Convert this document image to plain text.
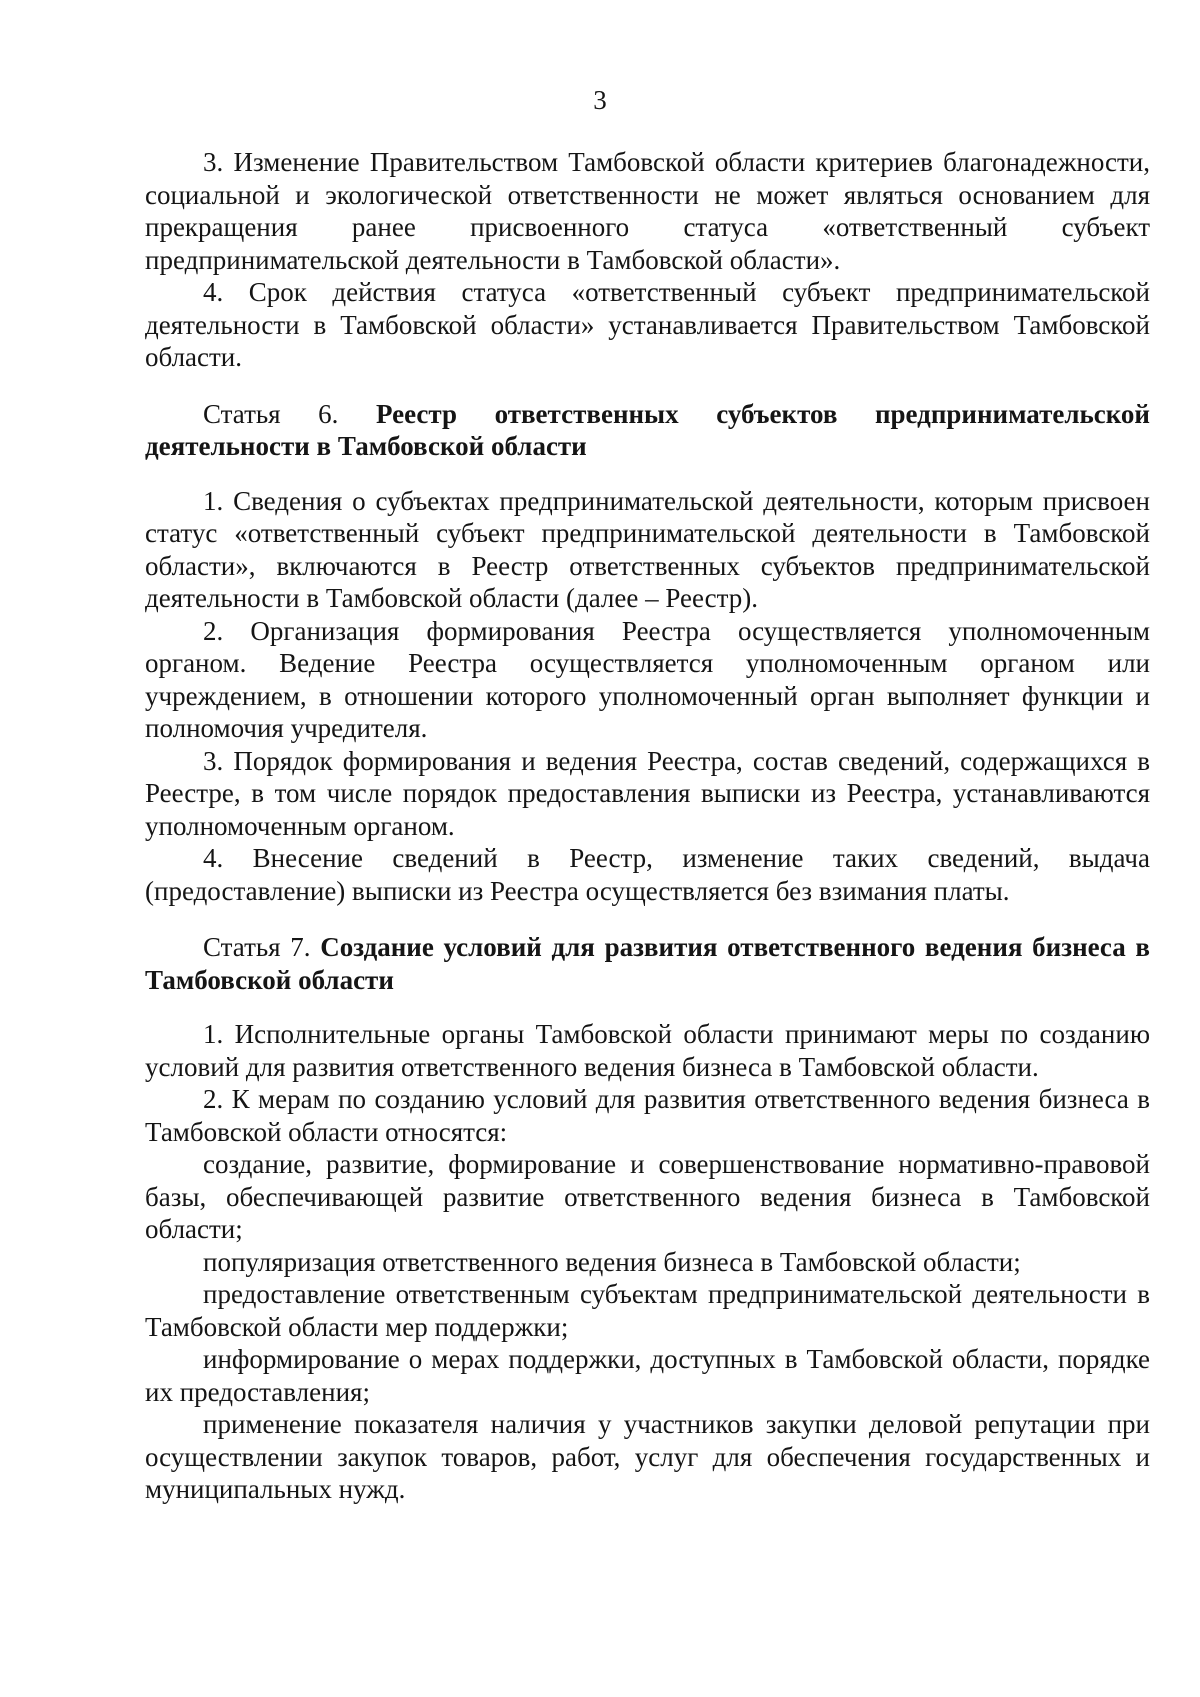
3

3. Изменение Правительством Тамбовской области критериев благонадежности, социальной и экологической ответственности не может являться основанием для прекращения ранее присвоенного статуса «ответственный субъект предпринимательской деятельности в Тамбовской области».

4. Срок действия статуса «ответственный субъект предпринимательской деятельности в Тамбовской области» устанавливается Правительством Тамбовской области.

Статья 6. Реестр ответственных субъектов предпринимательской деятельности в Тамбовской области

1. Сведения о субъектах предпринимательской деятельности, которым присвоен статус «ответственный субъект предпринимательской деятельности в Тамбовской области», включаются в Реестр ответственных субъектов предпринимательской деятельности в Тамбовской области (далее – Реестр).

2. Организация формирования Реестра осуществляется уполномоченным органом. Ведение Реестра осуществляется уполномоченным органом или учреждением, в отношении которого уполномоченный орган выполняет функции и полномочия учредителя.

3. Порядок формирования и ведения Реестра, состав сведений, содержащихся в Реестре, в том числе порядок предоставления выписки из Реестра, устанавливаются уполномоченным органом.

4. Внесение сведений в Реестр, изменение таких сведений, выдача (предоставление) выписки из Реестра осуществляется без взимания платы.

Статья 7. Создание условий для развития ответственного ведения бизнеса в Тамбовской области

1. Исполнительные органы Тамбовской области принимают меры по созданию условий для развития ответственного ведения бизнеса в Тамбовской области.

2. К мерам по созданию условий для развития ответственного ведения бизнеса в Тамбовской области относятся:

создание, развитие, формирование и совершенствование нормативно-правовой базы, обеспечивающей развитие ответственного ведения бизнеса в Тамбовской области;

популяризация ответственного ведения бизнеса в Тамбовской области;

предоставление ответственным субъектам предпринимательской деятельности в Тамбовской области мер поддержки;

информирование о мерах поддержки, доступных в Тамбовской области, порядке их предоставления;

применение показателя наличия у участников закупки деловой репутации при осуществлении закупок товаров, работ, услуг для обеспечения государственных и муниципальных нужд.
